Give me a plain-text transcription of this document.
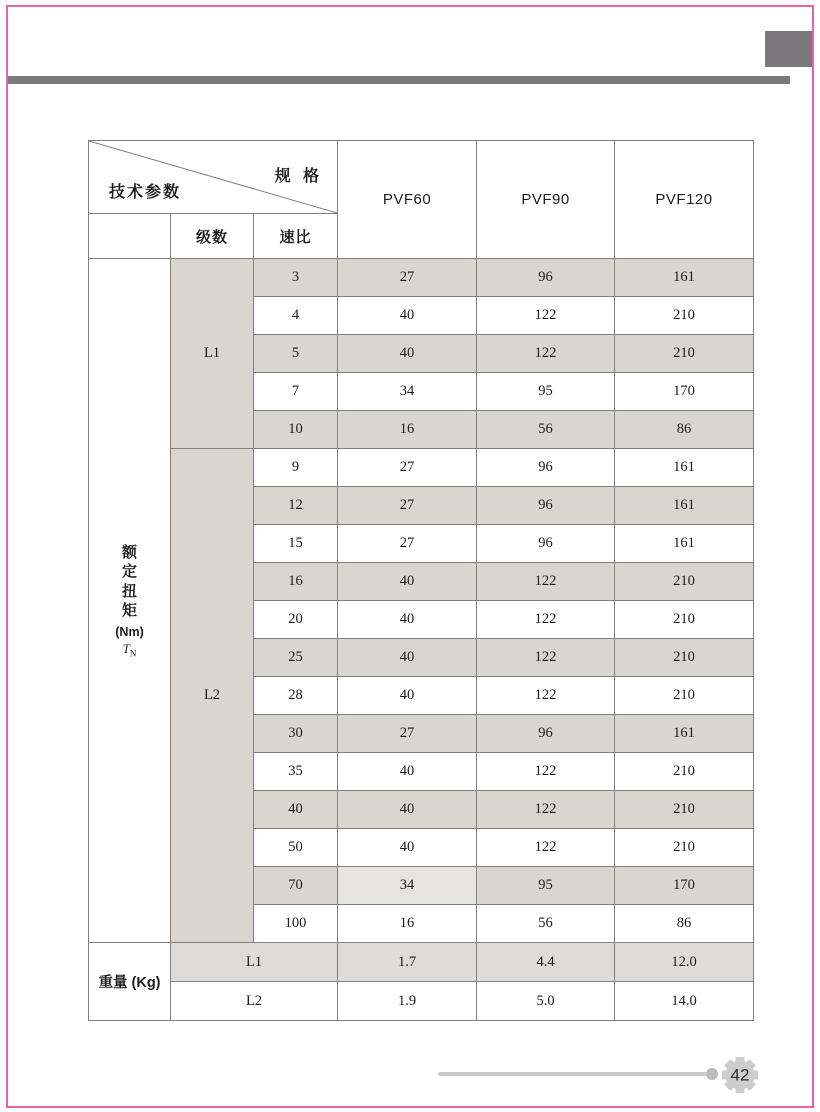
规 格
技术参数			PVF60	PVF90	PVF120
	级数	速比			

额
定
扭
矩
(Nm)
$T_N$
	L1	3	27	96	161
		4	40	122	210
		5	40	122	210
		7	34	95	170
		10	16	56	86
	L2	9	27	96	161
		12	27	96	161
		15	27	96	161
		16	40	122	210
		20	40	122	210
		25	40	122	210
		28	40	122	210
		30	27	96	161
		35	40	122	210
		40	40	122	210
		50	40	122	210
		70	34	95	170
		100	16	56	86
重量 (Kg)	L1		1.7	4.4	12.0
	L2		1.9	5.0	14.0
42
